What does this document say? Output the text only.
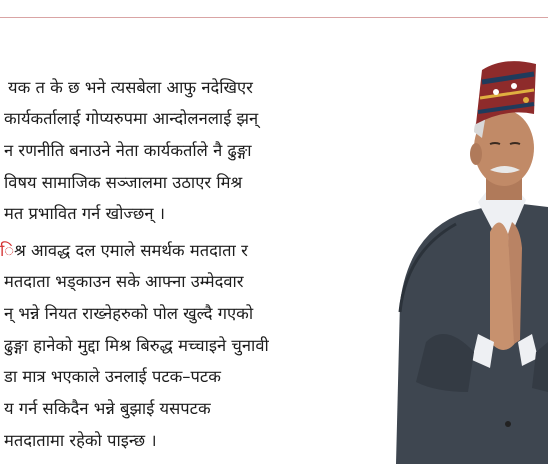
यक त के छ भने त्यसबेला आफु नदेखिएर
कार्यकर्तालाई गोप्यरुपमा आन्दोलनलाई झन्
न रणनीति बनाउने नेता कार्यकर्ताले नै ढुङ्गा
विषय सामाजिक सञ्जालमा उठाएर मिश्र
मत प्रभावित गर्न खोज्छन् ।
िश्र आवद्ध दल एमाले समर्थक मतदाता र
मतदाता भड्काउन सके आफ्ना उम्मेदवार
न् भन्ने नियत राख्नेहरुको पोल खुल्दै गएको
ढुङ्गा हानेको मुद्दा मिश्र बिरुद्ध मच्चाइने चुनावी
डा मात्र भएकाले उनलाई पटक–पटक
य गर्न सकिदैन भन्ने बुझाई यसपटक
मतदातामा रहेको पाइन्छ ।
